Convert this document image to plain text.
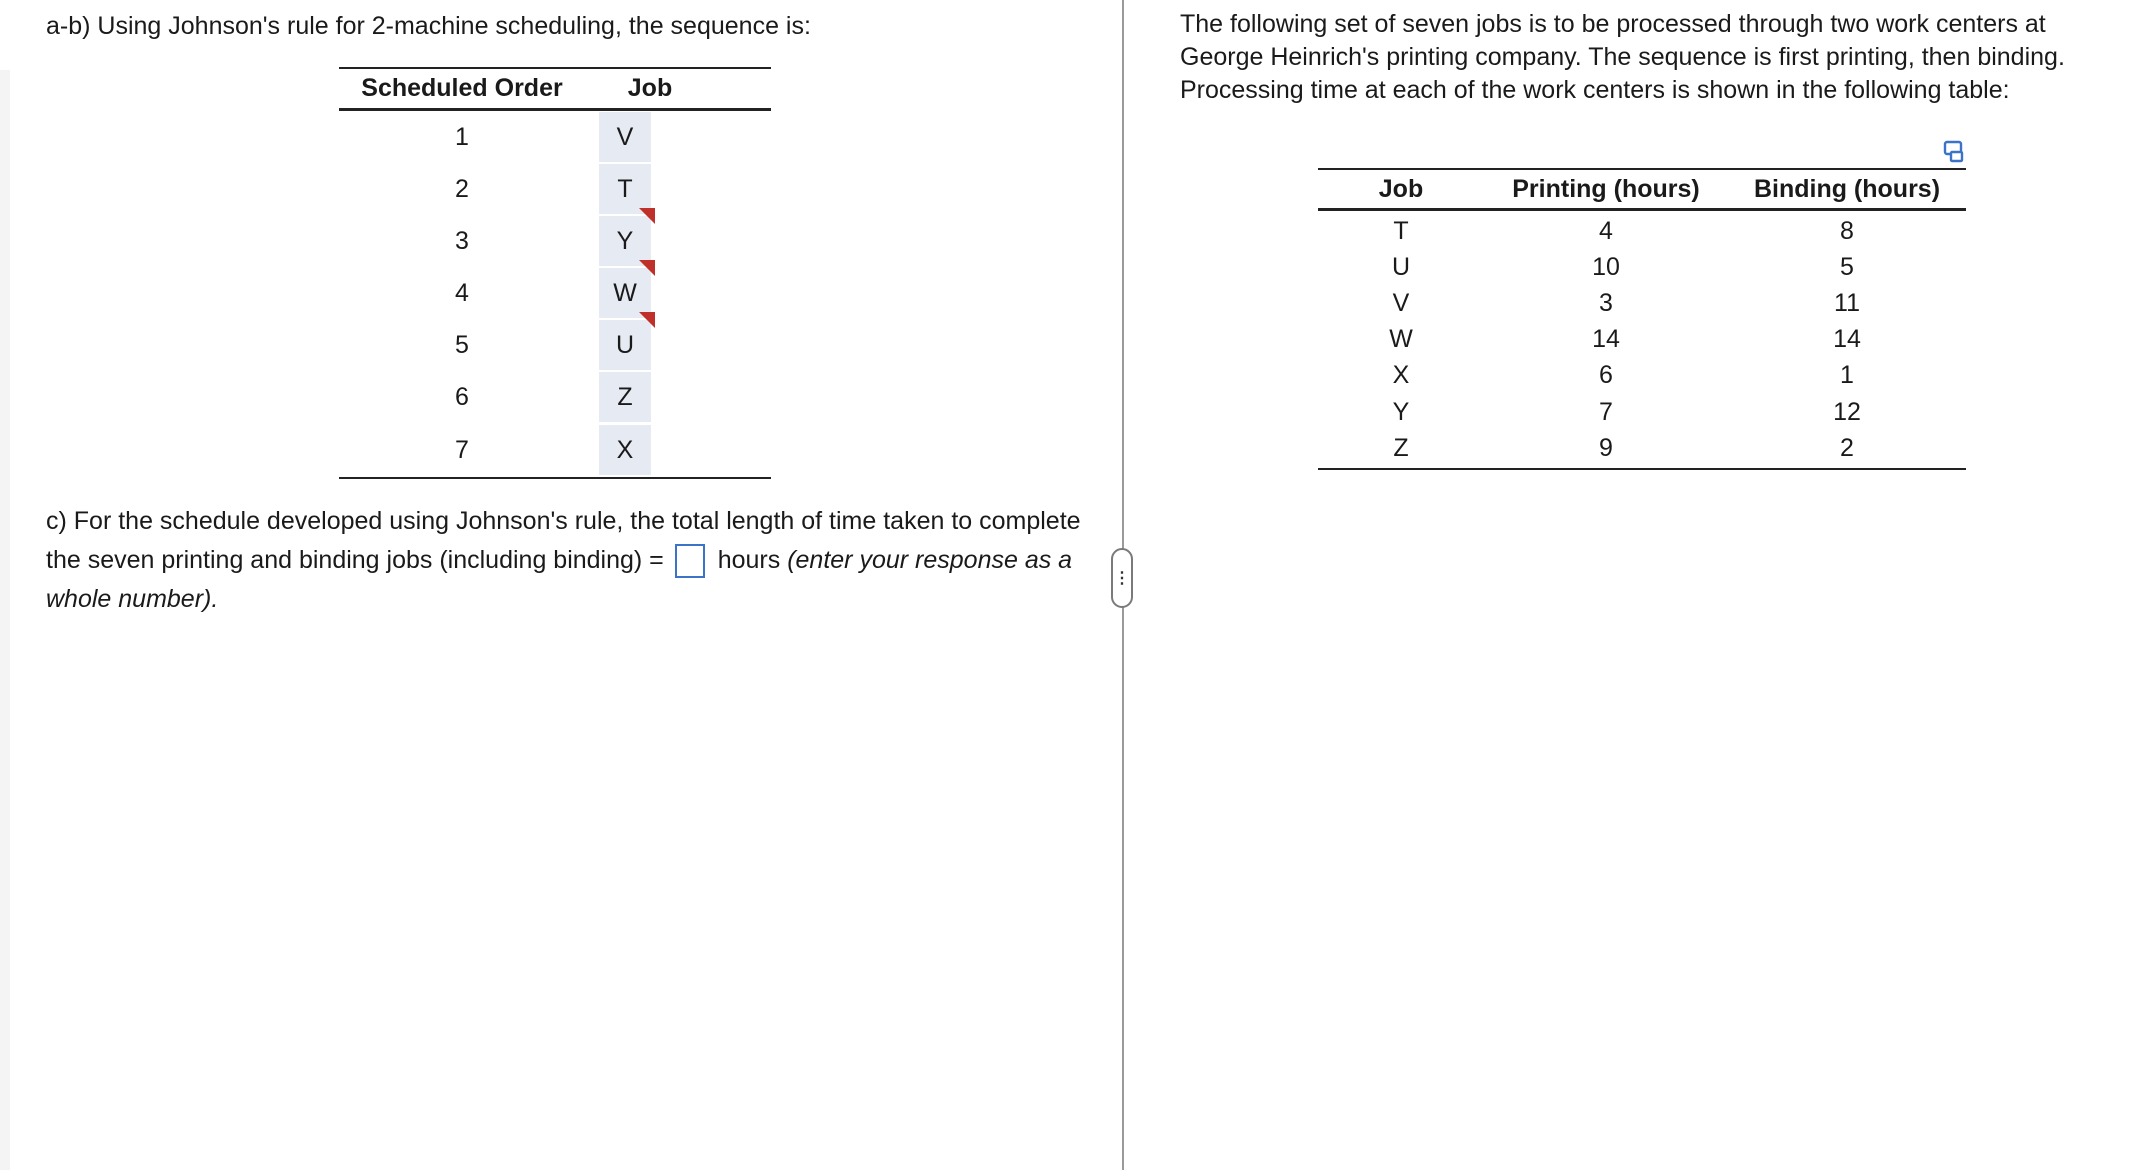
a-b) Using Johnson's rule for 2-machine scheduling, the sequence is:
Scheduled Order	Job
1	V
2	T
3	Y
4	W
5	U
6	Z
7	X
c) For the schedule developed using Johnson's rule, the total length of time taken to complete the seven printing and binding jobs (including binding) = hours (enter your response as a whole number).
⋮
The following set of seven jobs is to be processed through two work centers at George Heinrich's printing company. The sequence is first printing, then binding. Processing time at each of the work centers is shown in the following table:
Job	Printing (hours)	Binding (hours)
T	4	8
U	10	5
V	3	11
W	14	14
X	6	1
Y	7	12
Z	9	2
